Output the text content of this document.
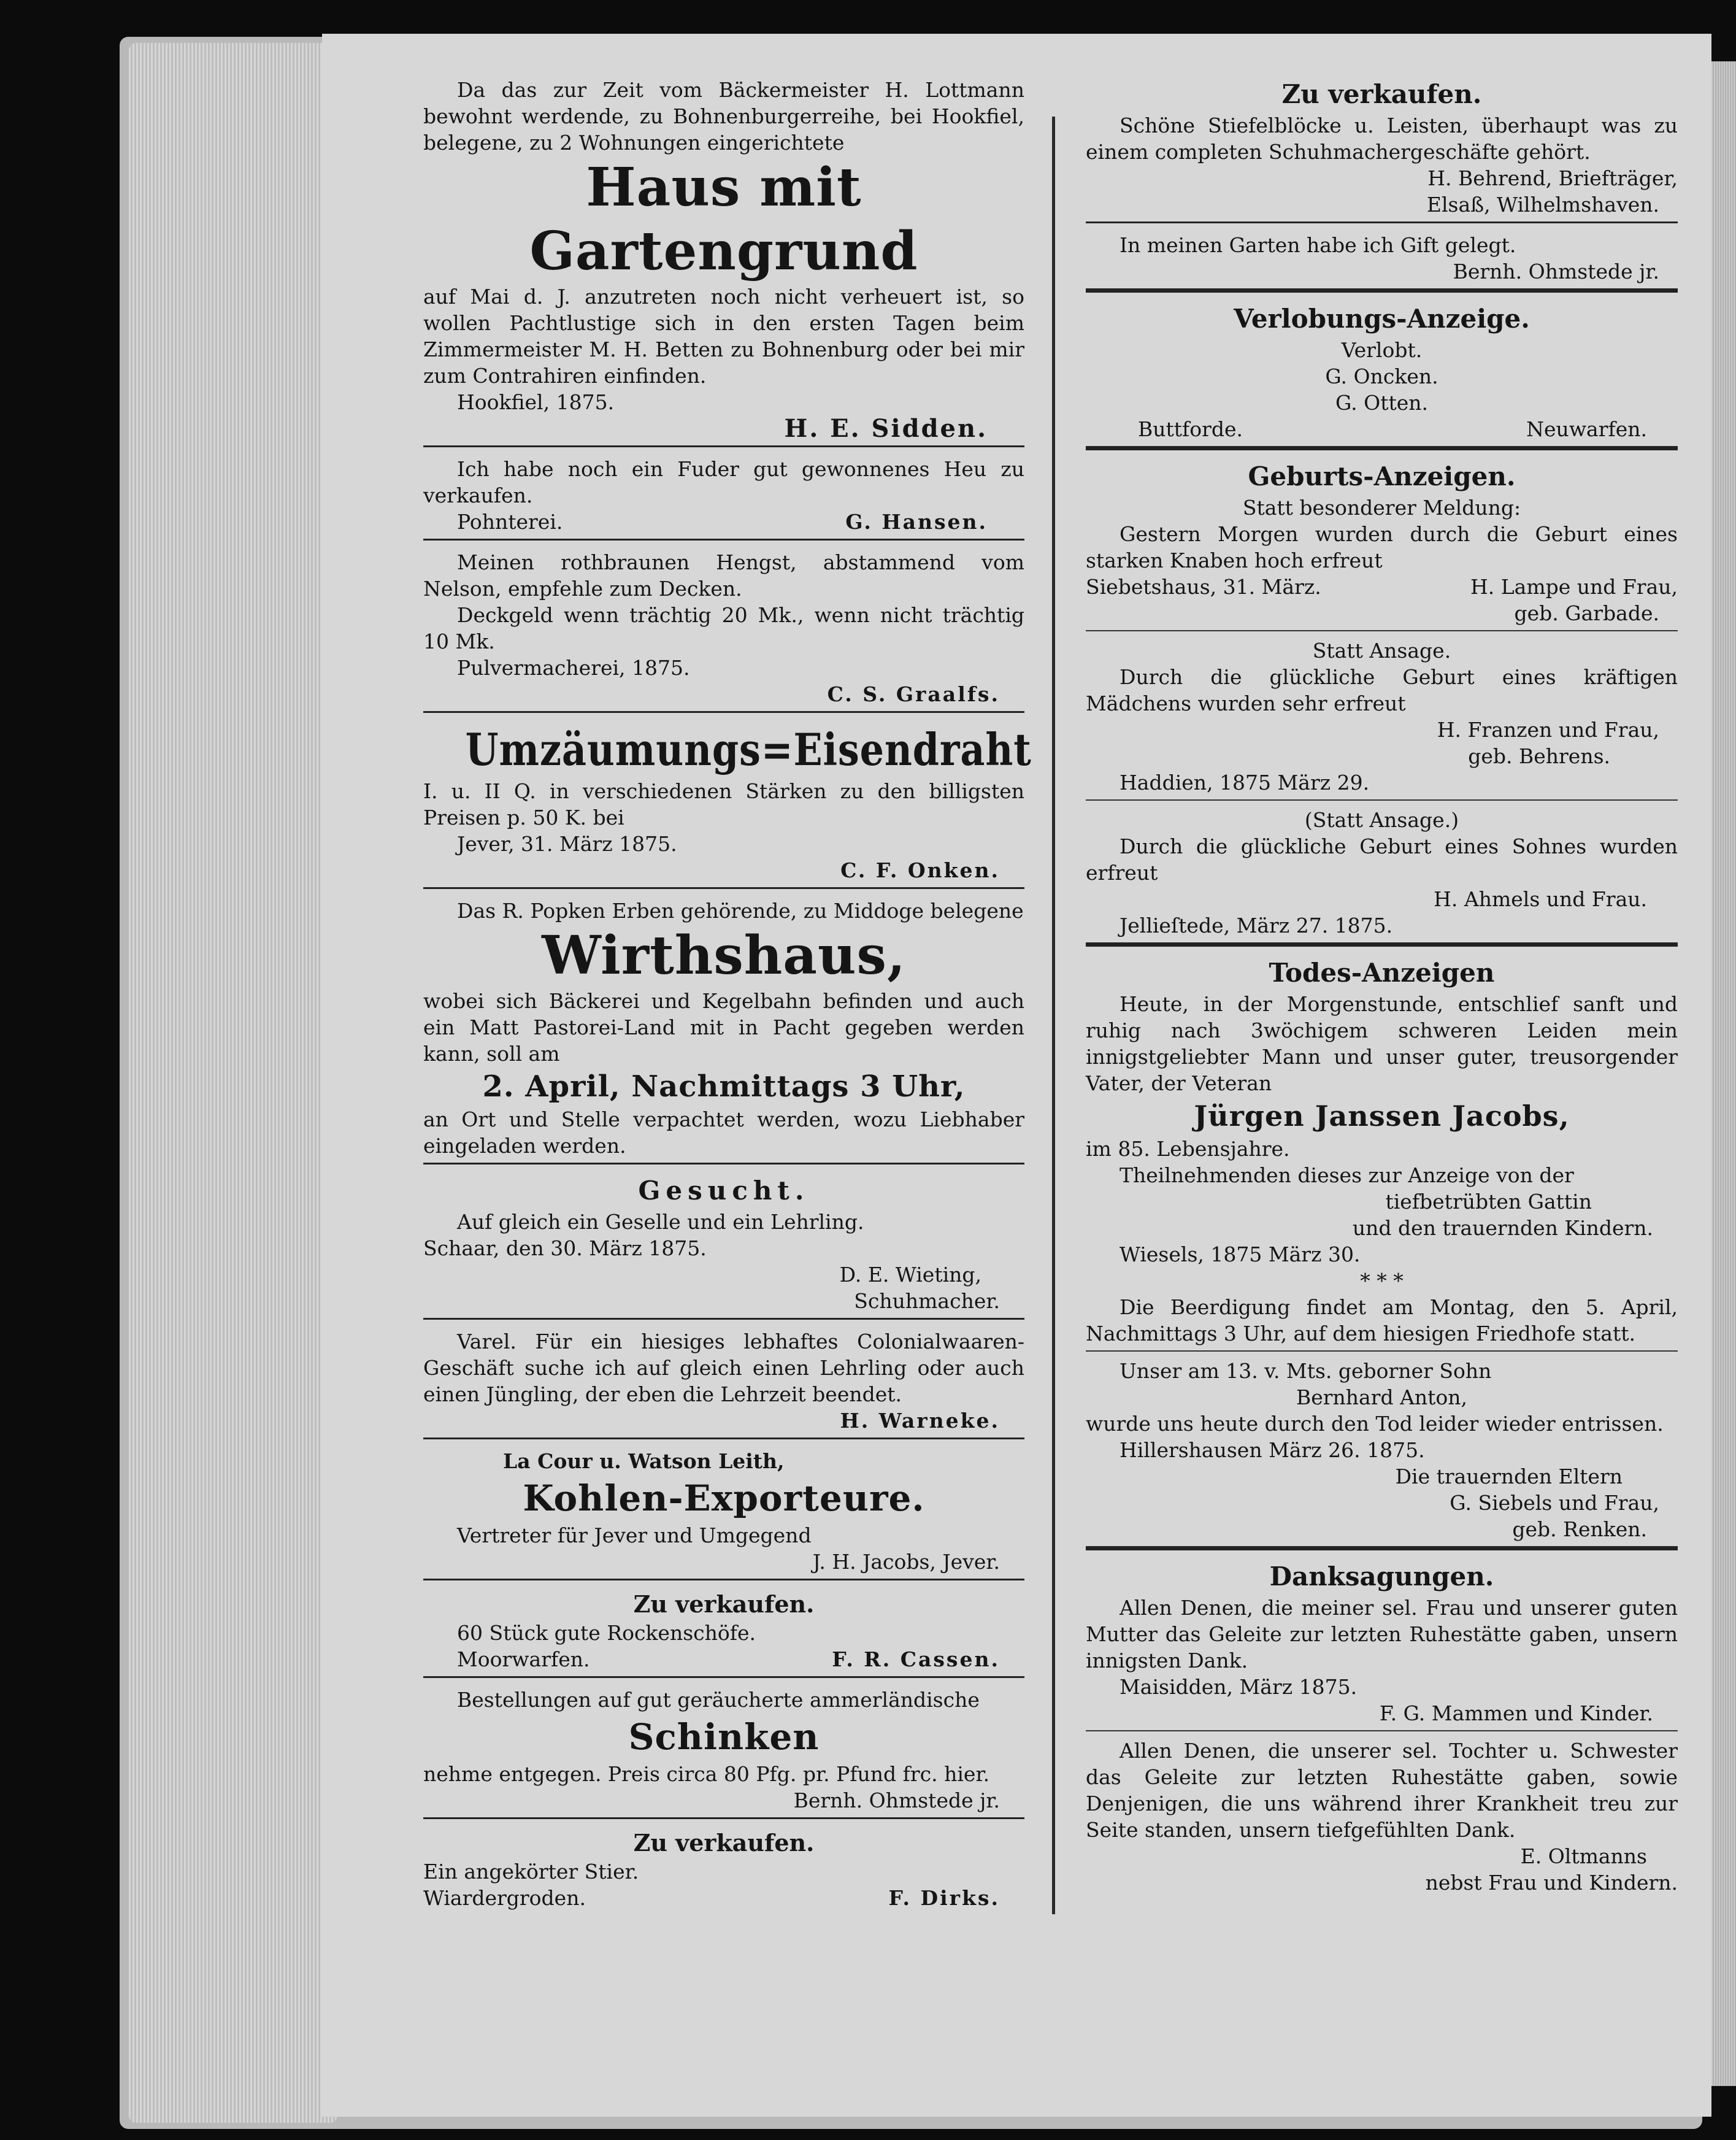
Da das zur Zeit vom Bäckermeister H. Lottmann bewohnt werdende, zu Bohnenburgerreihe, bei Hookfiel, belegene, zu 2 Wohnungen eingerichtete

Haus mit Gartengrund

auf Mai d. J. anzutreten noch nicht verheuert ist, so wollen Pachtlustige sich in den ersten Tagen beim Zimmermeister M. H. Betten zu Bohnenburg oder bei mir zum Contrahiren einfinden.

Hookfiel, 1875.

H. E. Sidden.

Ich habe noch ein Fuder gut gewonnenes Heu zu verkaufen.

Pohnterei.	G. Hansen.

Meinen rothbraunen Hengst, abstammend vom Nelson, empfehle zum Decken.

Deckgeld wenn trächtig 20 Mk., wenn nicht trächtig 10 Mk.

Pulvermacherei, 1875.

C. S. Graalfs.

Umzäumungs=Eisendraht

I. u. II Q. in verschiedenen Stärken zu den billigsten Preisen p. 50 K. bei

Jever, 31. März 1875.

C. F. Onken.

Das R. Popken Erben gehörende, zu Middoge belegene

Wirthshaus,

wobei sich Bäckerei und Kegelbahn befinden und auch ein Matt Pastorei-Land mit in Pacht gegeben werden kann, soll am

2. April, Nachmittags 3 Uhr,

an Ort und Stelle verpachtet werden, wozu Liebhaber eingeladen werden.

Gesucht.

Auf gleich ein Geselle und ein Lehrling.

Schaar, den 30. März 1875.

D. E. Wieting,

Schuhmacher.

Varel. Für ein hiesiges lebhaftes Colonialwaaren-Geschäft suche ich auf gleich einen Lehrling oder auch einen Jüngling, der eben die Lehrzeit beendet.

H. Warneke.

La Cour u. Watson Leith,

Kohlen-Exporteure.

Vertreter für Jever und Umgegend

J. H. Jacobs, Jever.

Zu verkaufen.

60 Stück gute Rockenschöfe.

Moorwarfen.	F. R. Cassen.

Bestellungen auf gut geräucherte ammerländische

Schinken

nehme entgegen. Preis circa 80 Pfg. pr. Pfund frc. hier.

Bernh. Ohmstede jr.

Zu verkaufen.

Ein angekörter Stier.

Wiardergroden.	F. Dirks.
Zu verkaufen.

Schöne Stiefelblöcke u. Leisten, überhaupt was zu einem completen Schuhmachergeschäfte gehört.

H. Behrend, Briefträger,

Elsaß, Wilhelmshaven.

In meinen Garten habe ich Gift gelegt.

Bernh. Ohmstede jr.

Verlobungs-Anzeige.

Verlobt.

G. Oncken.

G. Otten.

Buttforde.	Neuwarfen.
Geburts-Anzeigen.

Statt besonderer Meldung:

Gestern Morgen wurden durch die Geburt eines starken Knaben hoch erfreut

Siebetshaus, 31. März.	H. Lampe und Frau,

geb. Garbade.

Statt Ansage.

Durch die glückliche Geburt eines kräftigen Mädchens wurden sehr erfreut

H. Franzen und Frau,

geb. Behrens.

Haddien, 1875 März 29.

(Statt Ansage.)

Durch die glückliche Geburt eines Sohnes wurden erfreut

H. Ahmels und Frau.

Jellieſtede, März 27. 1875.

Todes-Anzeigen

Heute, in der Morgenstunde, entschlief sanft und ruhig nach 3wöchigem schweren Leiden mein innigstgeliebter Mann und unser guter, treusorgender Vater, der Veteran

Jürgen Janssen Jacobs,

im 85. Lebensjahre.

Theilnehmenden dieses zur Anzeige von der

tiefbetrübten Gattin

und den trauernden Kindern.

Wiesels, 1875 März 30.

* * *

Die Beerdigung findet am Montag, den 5. April, Nachmittags 3 Uhr, auf dem hiesigen Friedhofe statt.

Unser am 13. v. Mts. geborner Sohn

Bernhard Anton,

wurde uns heute durch den Tod leider wieder entrissen.

Hillershausen März 26. 1875.

Die trauernden Eltern

G. Siebels und Frau,

geb. Renken.

Danksagungen.

Allen Denen, die meiner sel. Frau und unserer guten Mutter das Geleite zur letzten Ruhestätte gaben, unsern innigsten Dank.

Maisidden, März 1875.

F. G. Mammen und Kinder.

Allen Denen, die unserer sel. Tochter u. Schwester das Geleite zur letzten Ruhestätte gaben, sowie Denjenigen, die uns während ihrer Krankheit treu zur Seite standen, unsern tiefgefühlten Dank.

E. Oltmanns

nebst Frau und Kindern.
